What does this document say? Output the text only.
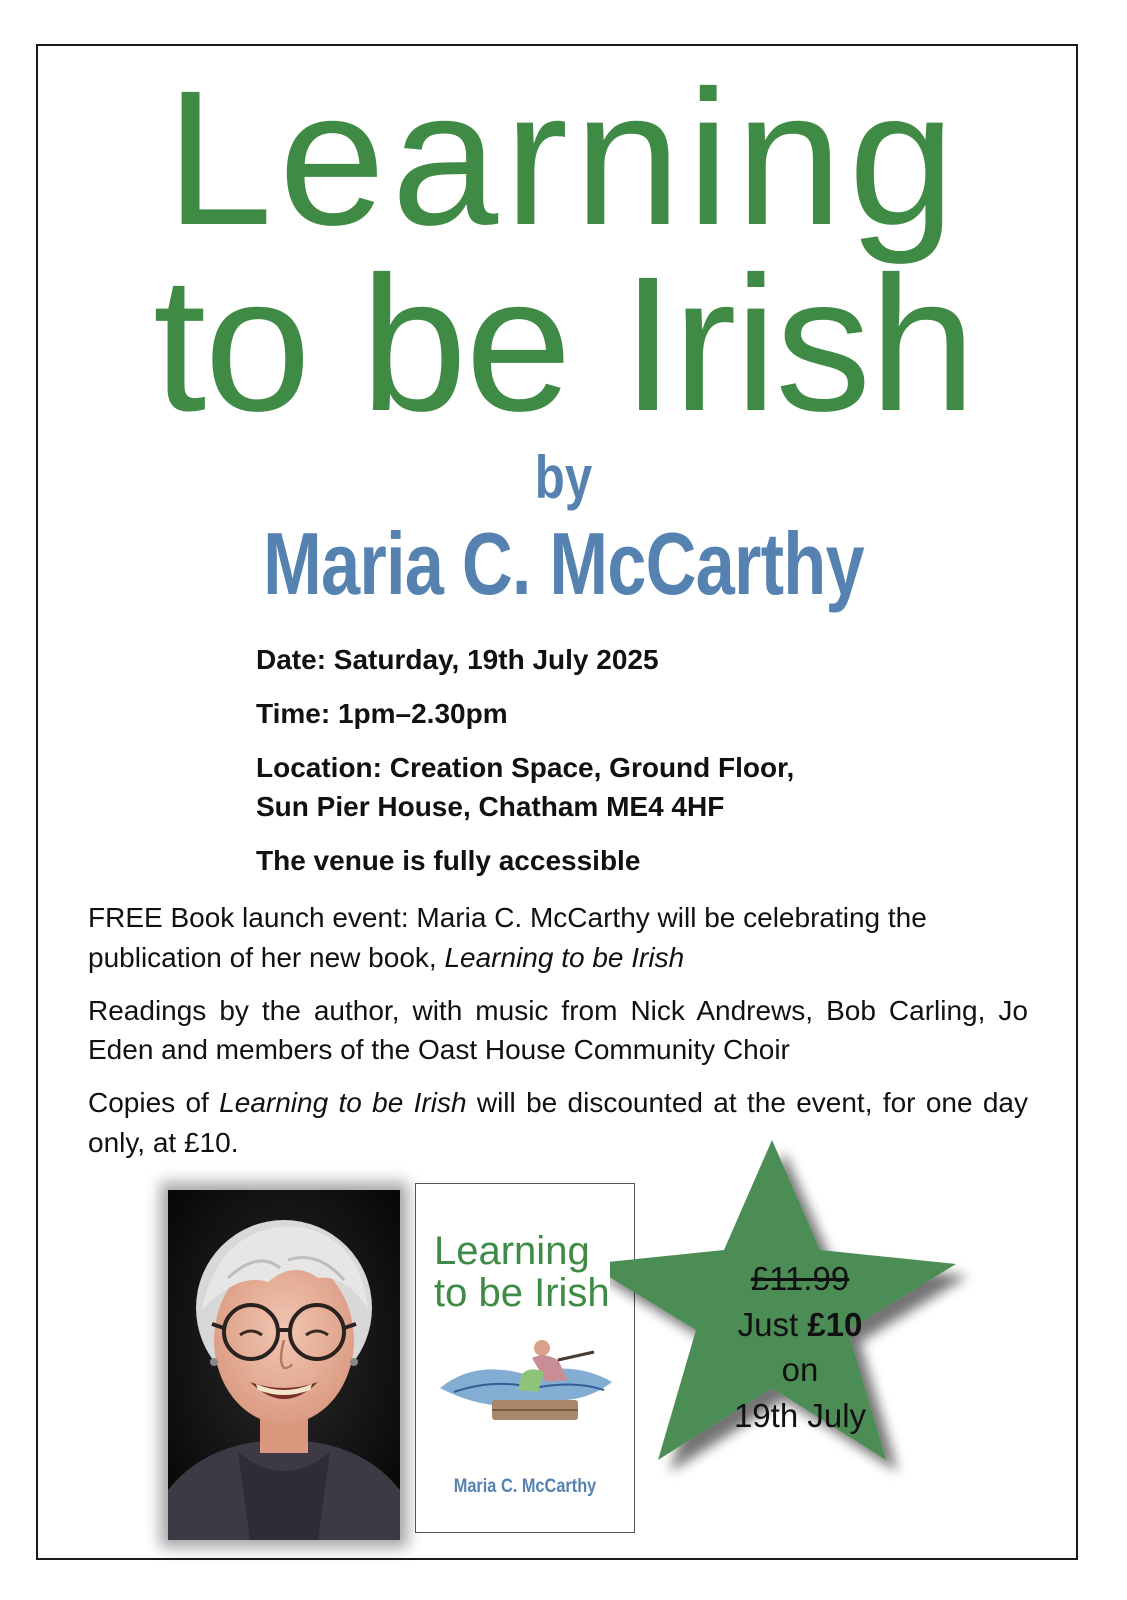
Learning
to be Irish
by
Maria C. McCarthy

Date: Saturday, 19th July 2025

Time: 1pm–2.30pm

Location: Creation Space, Ground Floor,
Sun Pier House, Chatham ME4 4HF

The venue is fully accessible

FREE Book launch event: Maria C. McCarthy will be celebrating the publication of her new book, Learning to be Irish

Readings by the author, with music from Nick Andrews, Bob Carling, Jo Eden and members of the Oast House Community Choir

Copies of Learning to be Irish will be discounted at the event, for one day only, at £10.

Learning
to be Irish

Maria C. McCarthy
£11.99
Just £10
on
19th July
